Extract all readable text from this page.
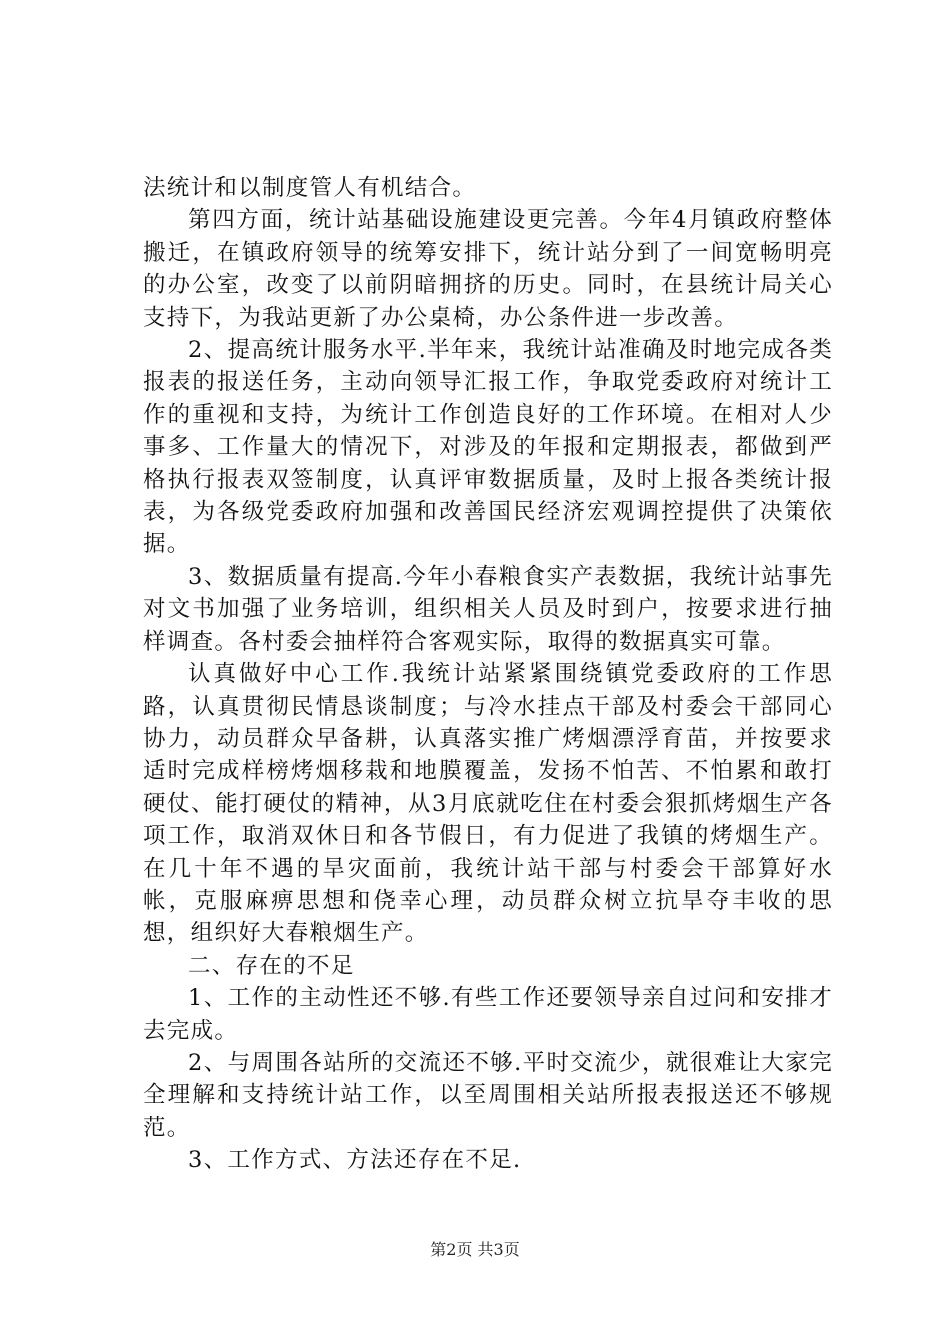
法统计和以制度管人有机结合。

第四方面，统计站基础设施建设更完善。今年4月镇政府整体搬迁，在镇政府领导的统筹安排下，统计站分到了一间宽畅明亮的办公室，改变了以前阴暗拥挤的历史。同时，在县统计局关心支持下，为我站更新了办公桌椅，办公条件进一步改善。

2、提高统计服务水平.半年来，我统计站准确及时地完成各类报表的报送任务，主动向领导汇报工作，争取党委政府对统计工作的重视和支持，为统计工作创造良好的工作环境。在相对人少事多、工作量大的情况下，对涉及的年报和定期报表，都做到严格执行报表双签制度，认真评审数据质量，及时上报各类统计报表，为各级党委政府加强和改善国民经济宏观调控提供了决策依据。

3、数据质量有提高.今年小春粮食实产表数据，我统计站事先对文书加强了业务培训，组织相关人员及时到户，按要求进行抽样调查。各村委会抽样符合客观实际，取得的数据真实可靠。

认真做好中心工作.我统计站紧紧围绕镇党委政府的工作思路，认真贯彻民情恳谈制度；与冷水挂点干部及村委会干部同心协力，动员群众早备耕，认真落实推广烤烟漂浮育苗，并按要求适时完成样榜烤烟移栽和地膜覆盖，发扬不怕苦、不怕累和敢打硬仗、能打硬仗的精神，从3月底就吃住在村委会狠抓烤烟生产各项工作，取消双休日和各节假日，有力促进了我镇的烤烟生产。在几十年不遇的旱灾面前，我统计站干部与村委会干部算好水帐，克服麻痹思想和侥幸心理，动员群众树立抗旱夺丰收的思想，组织好大春粮烟生产。

二、存在的不足

1、工作的主动性还不够.有些工作还要领导亲自过问和安排才去完成。

2、与周围各站所的交流还不够.平时交流少，就很难让大家完全理解和支持统计站工作，以至周围相关站所报表报送还不够规范。

3、工作方式、方法还存在不足.

第2页 共3页
